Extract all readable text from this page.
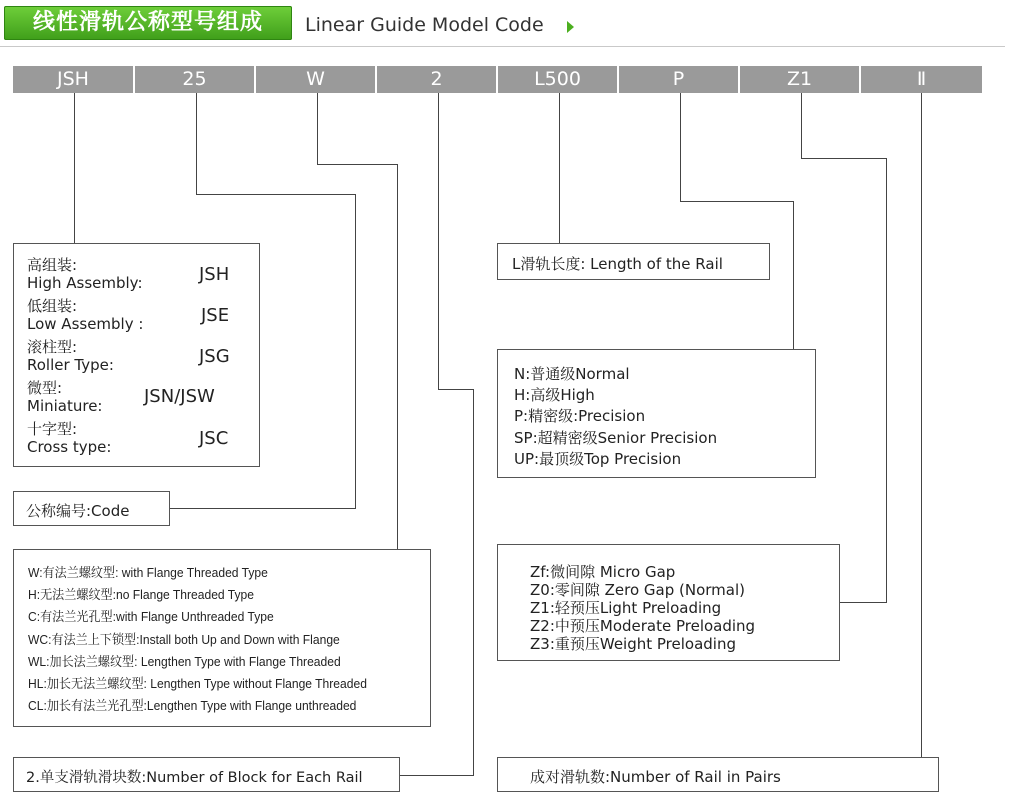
线性滑轨公称型号组成	Linear Guide Model Code
JSH	25	W	2	L500	P	Z1	Ⅱ
高组装:
High Assembly:	JSH
低组装:
Low Assembly :	JSE
滚柱型:
Roller Type:	JSG
微型:
Miniature: JSN/JSW
十字型:
Cross type:	JSC
公称编号:Code
W:有法兰螺纹型: with Flange Threaded Type
H:无法兰螺纹型:no Flange Threaded Type
C:有法兰光孔型:with Flange Unthreaded Type
WC:有法兰上下锁型:Install both Up and Down with Flange
WL:加长法兰螺纹型: Lengthen Type with Flange Threaded
HL:加长无法兰螺纹型: Lengthen Type without Flange Threaded
CL:加长有法兰光孔型:Lengthen Type with Flange unthreaded
2.单支滑轨滑块数:Number of Block for Each Rail
L滑轨长度: Length of the Rail
N:普通级Normal
H:高级High
P:精密级:Precision
SP:超精密级Senior Precision
UP:最顶级Top Precision
Zf:微间隙 Micro Gap
Z0:零间隙 Zero Gap (Normal)
Z1:轻预压Light Preloading
Z2:中预压Moderate Preloading
Z3:重预压Weight Preloading
成对滑轨数:Number of Rail in Pairs
